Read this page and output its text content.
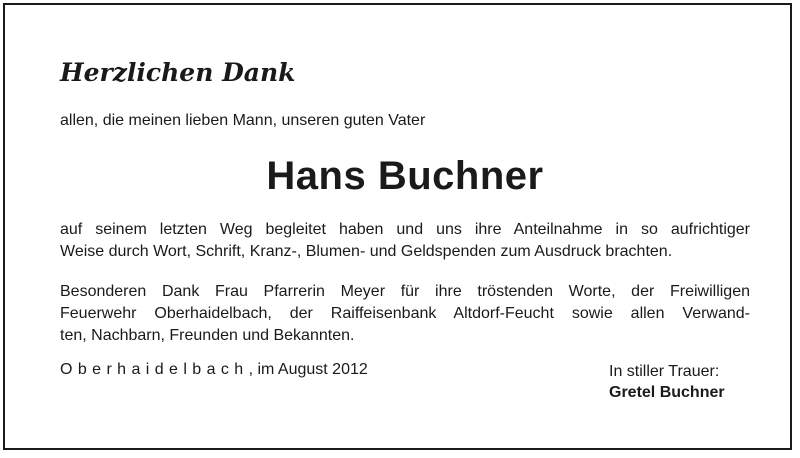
Herzlichen Dank
allen, die meinen lieben Mann, unseren guten Vater
Hans Buchner
auf seinem letzten Weg begleitet haben und uns ihre Anteilnahme in so aufrichtiger
Weise durch Wort, Schrift, Kranz-, Blumen- und Geldspenden zum Ausdruck brachten.
Besonderen Dank Frau Pfarrerin Meyer für ihre tröstenden Worte, der Freiwilligen
Feuerwehr Oberhaidelbach, der Raiffeisenbank Altdorf-Feucht sowie allen Verwand-
ten, Nachbarn, Freunden und Bekannten.
Oberhaidelbach, im August 2012	In stiller Trauer:
Gretel Buchner
